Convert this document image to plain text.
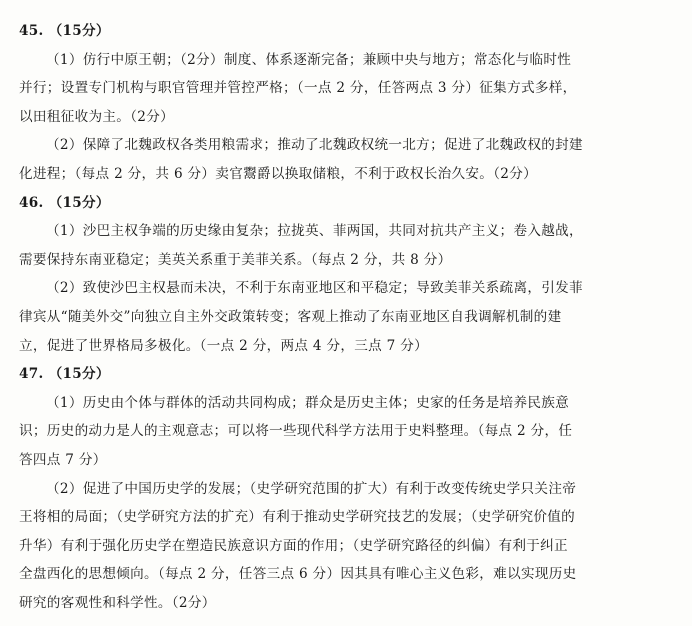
45. （15分）
（1）仿行中原王朝；（2分）制度、体系逐渐完备；兼顾中央与地方；常态化与临时性
并行；设置专门机构与职官管理并管控严格；（一点 2 分，任答两点 3 分）征集方式多样，
以田租征收为主。（2分）
（2）保障了北魏政权各类用粮需求；推动了北魏政权统一北方；促进了北魏政权的封建
化进程；（每点 2 分，共 6 分）卖官鬻爵以换取储粮，不利于政权长治久安。（2分）
46. （15分）
（1）沙巴主权争端的历史缘由复杂；拉拢英、菲两国，共同对抗共产主义；卷入越战，
需要保持东南亚稳定；美英关系重于美菲关系。（每点 2 分，共 8 分）
（2）致使沙巴主权悬而未决，不利于东南亚地区和平稳定；导致美菲关系疏离，引发菲
律宾从“随美外交”向独立自主外交政策转变；客观上推动了东南亚地区自我调解机制的建
立，促进了世界格局多极化。（一点 2 分，两点 4 分，三点 7 分）
47. （15分）
（1）历史由个体与群体的活动共同构成；群众是历史主体；史家的任务是培养民族意
识；历史的动力是人的主观意志；可以将一些现代科学方法用于史料整理。（每点 2 分，任
答四点 7 分）
（2）促进了中国历史学的发展；（史学研究范围的扩大）有利于改变传统史学只关注帝
王将相的局面；（史学研究方法的扩充）有利于推动史学研究技艺的发展；（史学研究价值的
升华）有利于强化历史学在塑造民族意识方面的作用；（史学研究路径的纠偏）有利于纠正
全盘西化的思想倾向。（每点 2 分，任答三点 6 分）因其具有唯心主义色彩，难以实现历史
研究的客观性和科学性。（2分）
